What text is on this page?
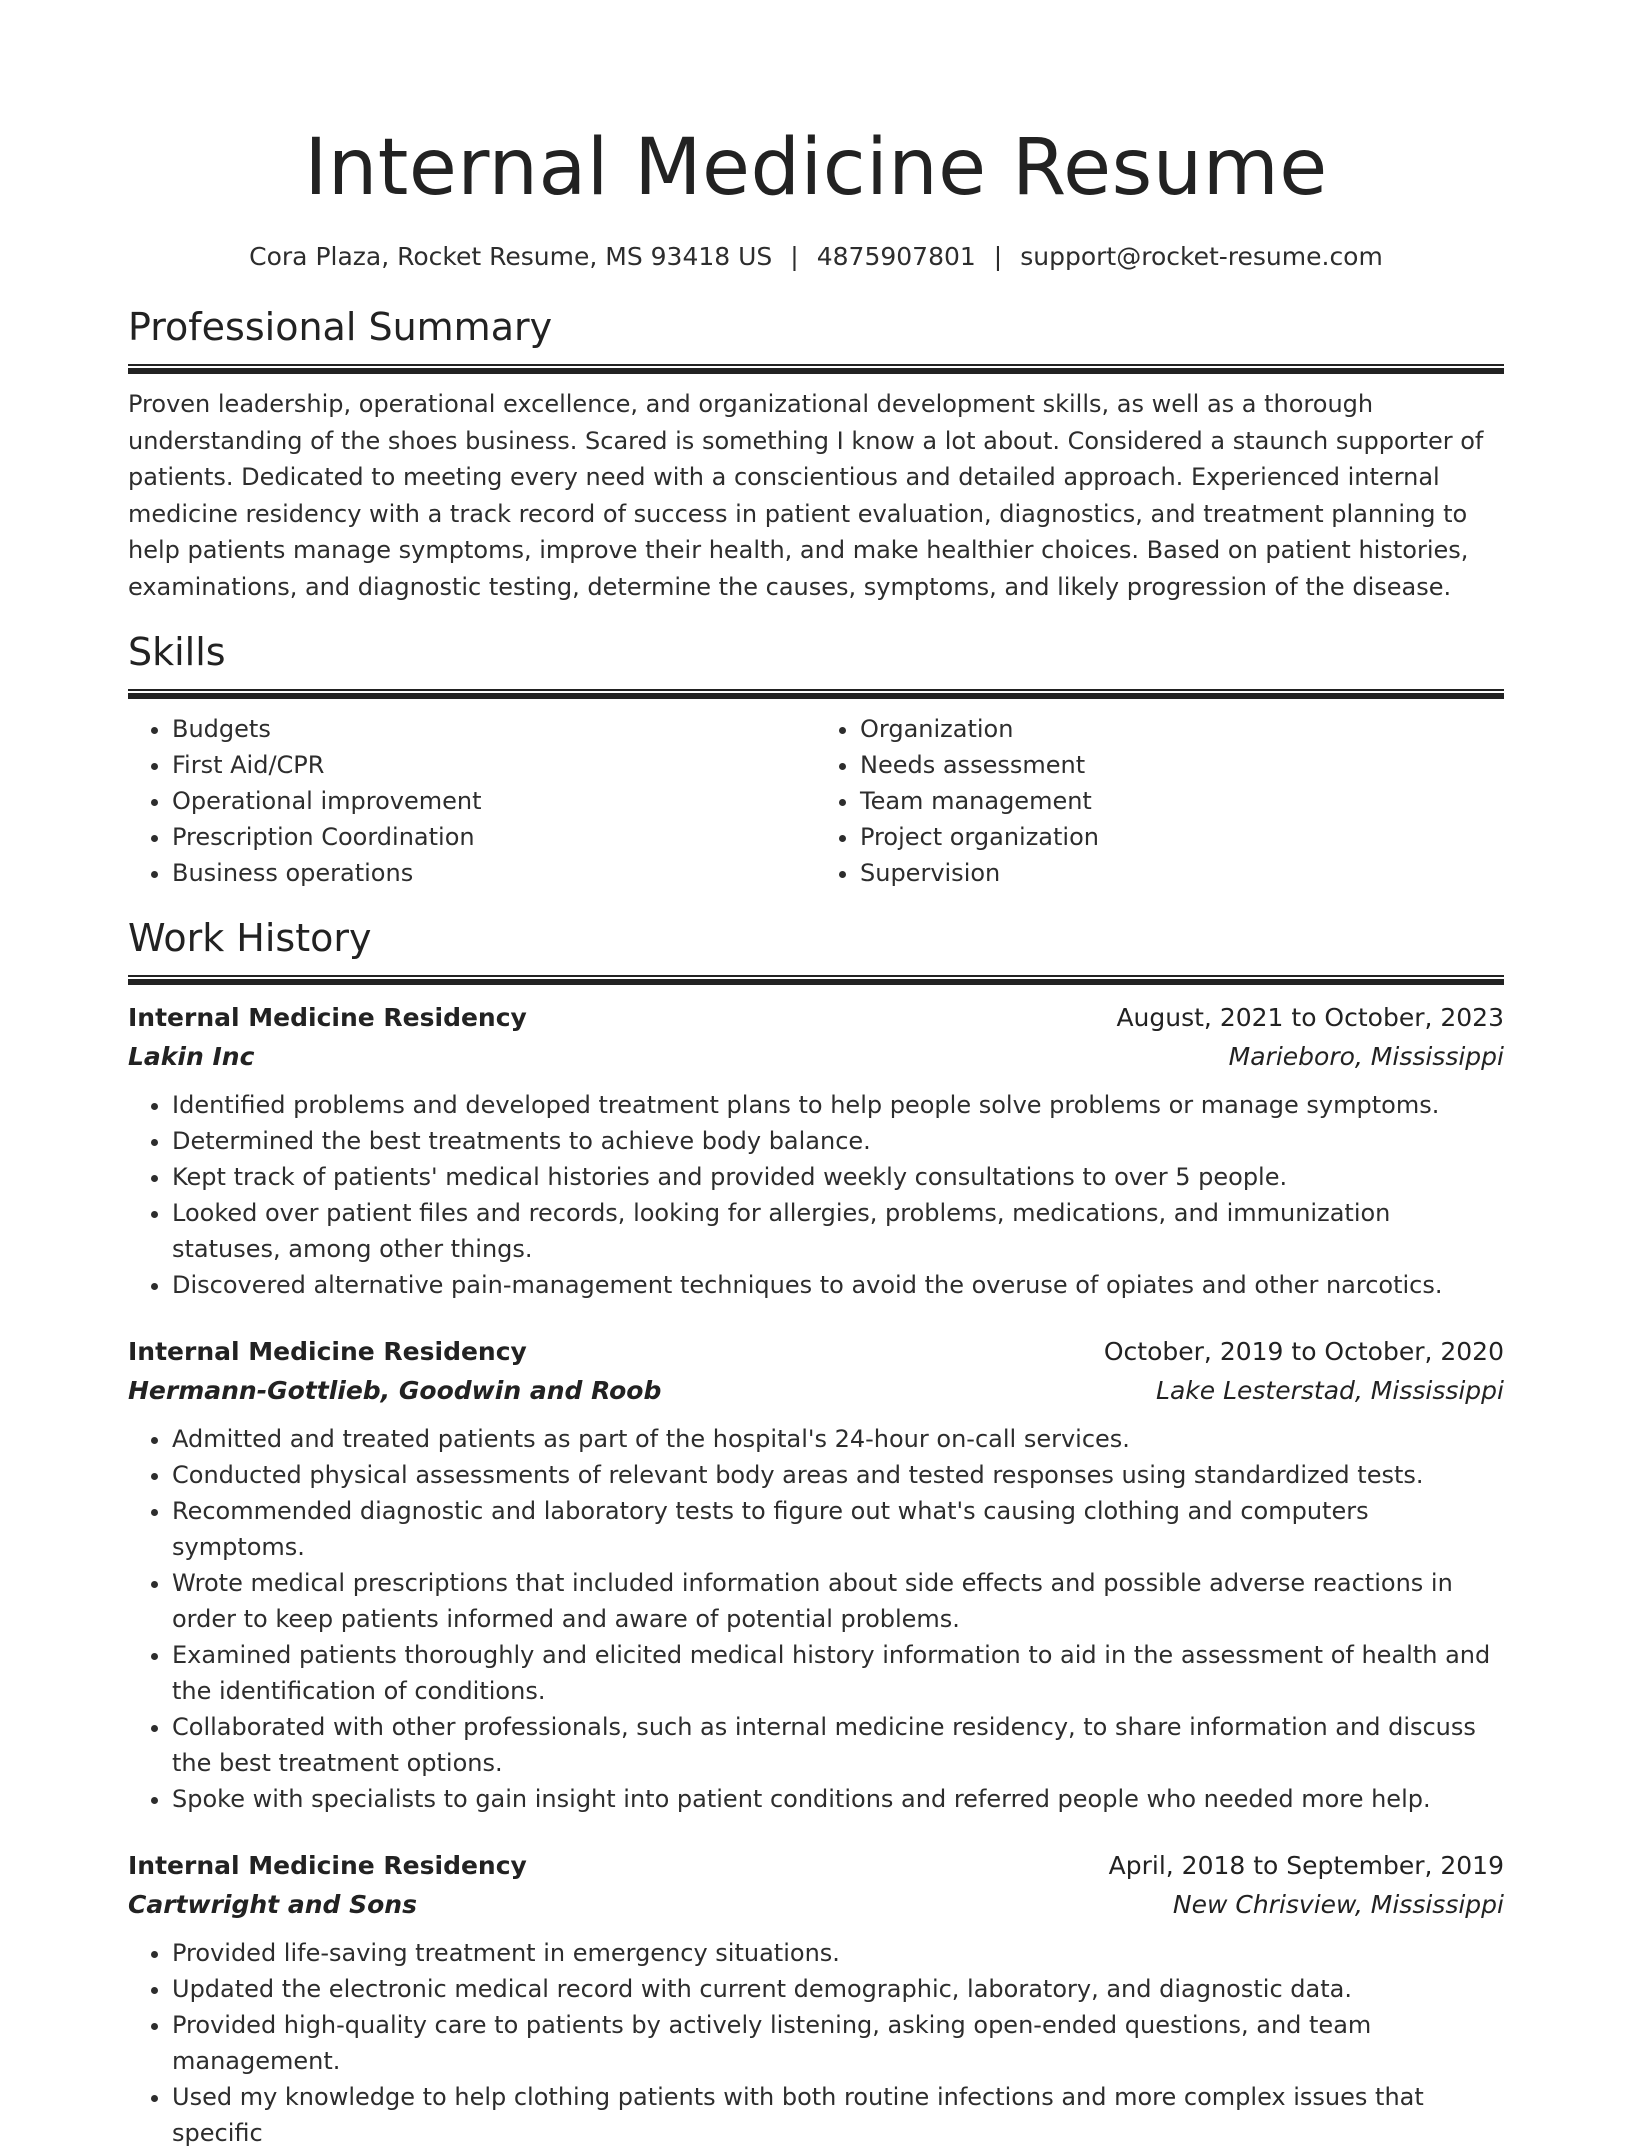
Internal Medicine Resume
Cora Plaza, Rocket Resume, MS 93418 US | 4875907801 | support@rocket-resume.com
Professional Summary
Proven leadership, operational excellence, and organizational development skills, as well as a thorough understanding of the shoes business. Scared is something I know a lot about. Considered a staunch supporter of patients. Dedicated to meeting every need with a conscientious and detailed approach. Experienced internal medicine residency with a track record of success in patient evaluation, diagnostics, and treatment planning to help patients manage symptoms, improve their health, and make healthier choices. Based on patient histories, examinations, and diagnostic testing, determine the causes, symptoms, and likely progression of the disease.
Skills
• Budgets
• First Aid/CPR
• Operational improvement
• Prescription Coordination
• Business operations
• Organization
• Needs assessment
• Team management
• Project organization
• Supervision
Work History
Internal Medicine Residency	August, 2021 to October, 2023
Lakin Inc	Marieboro, Mississippi
• Identified problems and developed treatment plans to help people solve problems or manage symptoms.
• Determined the best treatments to achieve body balance.
• Kept track of patients' medical histories and provided weekly consultations to over 5 people.
• Looked over patient files and records, looking for allergies, problems, medications, and immunization statuses, among other things.
• Discovered alternative pain-management techniques to avoid the overuse of opiates and other narcotics.
Internal Medicine Residency	October, 2019 to October, 2020
Hermann-Gottlieb, Goodwin and Roob	Lake Lesterstad, Mississippi
• Admitted and treated patients as part of the hospital's 24-hour on-call services.
• Conducted physical assessments of relevant body areas and tested responses using standardized tests.
• Recommended diagnostic and laboratory tests to figure out what's causing clothing and computers symptoms.
• Wrote medical prescriptions that included information about side effects and possible adverse reactions in order to keep patients informed and aware of potential problems.
• Examined patients thoroughly and elicited medical history information to aid in the assessment of health and the identification of conditions.
• Collaborated with other professionals, such as internal medicine residency, to share information and discuss the best treatment options.
• Spoke with specialists to gain insight into patient conditions and referred people who needed more help.
Internal Medicine Residency	April, 2018 to September, 2019
Cartwright and Sons	New Chrisview, Mississippi
• Provided life-saving treatment in emergency situations.
• Updated the electronic medical record with current demographic, laboratory, and diagnostic data.
• Provided high-quality care to patients by actively listening, asking open-ended questions, and team management.
• Used my knowledge to help clothing patients with both routine infections and more complex issues that specific
